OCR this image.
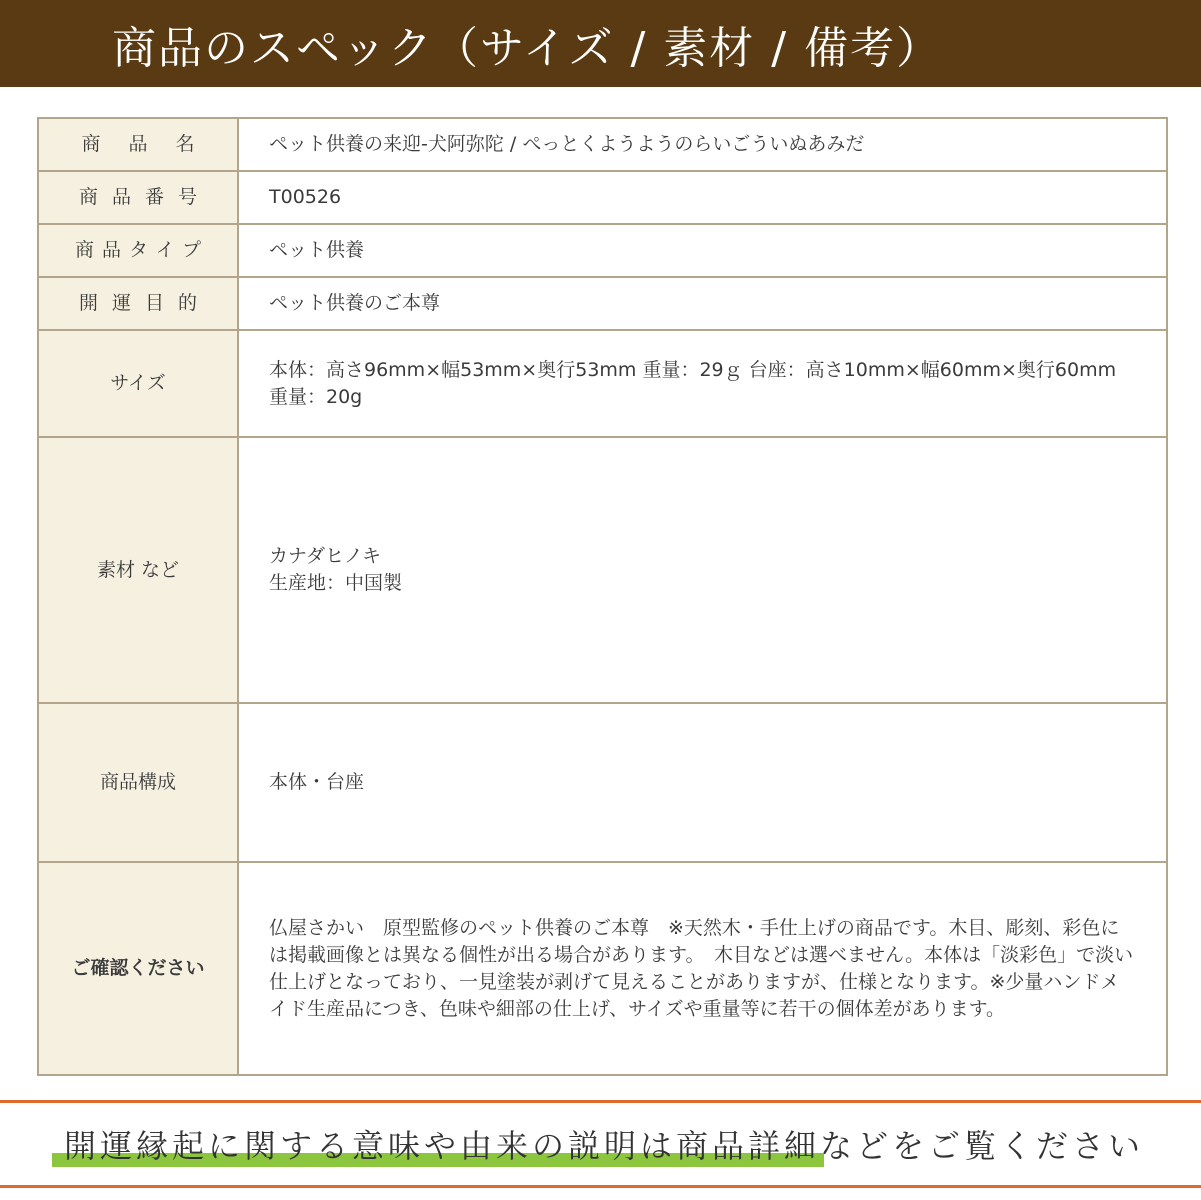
商品のスペック（サイズ / 素材 / 備考）
商品名	ペット供養の来迎-犬阿弥陀 / ぺっとくようようのらいごういぬあみだ
商品番号	T00526
商品タイプ	ペット供養
開運目的	ペット供養のご本尊
サイズ	本体：高さ96mm×幅53mm×奥行53mm 重量：29ｇ 台座：高さ10mm×幅60mm×奥行60mm 重量：20g
素材 など	カナダヒノキ
生産地：中国製
商品構成	本体・台座
ご確認ください	仏屋さかい　原型監修のペット供養のご本尊　※天然木・手仕上げの商品です。木目、彫刻、彩色には掲載画像とは異なる個性が出る場合があります。　木目などは選べません。本体は「淡彩色」で淡い仕上げとなっており、一見塗装が剥げて見えることがありますが、仕様となります。※少量ハンドメイド生産品につき、色味や細部の仕上げ、サイズや重量等に若干の個体差があります。
開運縁起に関する意味や由来の説明は商品詳細などをご覧ください
